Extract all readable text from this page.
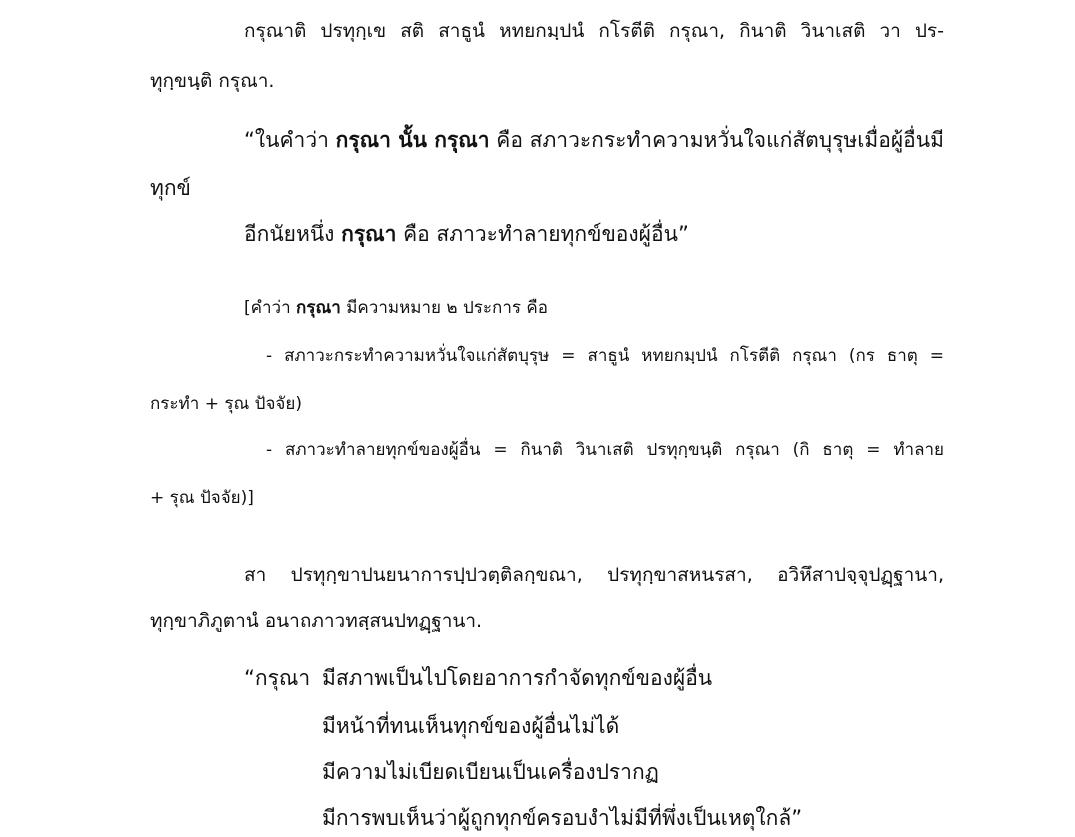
กรุณาติ ปรทุกฺเข สติ สาธูนํ หทยกมฺปนํ กโรตีติ กรุณา, กินาติ วินาเสติ วา ปร-
ทุกฺขนฺติ กรุณา.
“ในคำว่า กรุณา นั้น กรุณา คือ สภาวะกระทำความหวั่นใจแก่สัตบุรุษเมื่อผู้อื่นมี
ทุกข์
อีกนัยหนึ่ง กรุณา คือ สภาวะทำลายทุกข์ของผู้อื่น”
[คำว่า กรุณา มีความหมาย ๒ ประการ คือ
- สภาวะกระทำความหวั่นใจแก่สัตบุรุษ = สาธูนํ หทยกมฺปนํ กโรตีติ กรุณา (กร ธาตุ =
กระทำ + รุณ ปัจจัย)
- สภาวะทำลายทุกข์ของผู้อื่น = กินาติ วินาเสติ ปรทุกฺขนฺติ กรุณา (กิ ธาตุ = ทำลาย
+ รุณ ปัจจัย)]
สา ปรทุกฺขาปนยนาการปฺปวตฺติลกฺขณา, ปรทุกฺขาสหนรสา, อวิหึสาปจฺจุปฏฺฐานา,
ทุกฺขาภิภูตานํ อนาถภาวทสฺสนปทฏฺฐานา.
“กรุณา มีสภาพเป็นไปโดยอาการกำจัดทุกข์ของผู้อื่น
มีหน้าที่ทนเห็นทุกข์ของผู้อื่นไม่ได้
มีความไม่เบียดเบียนเป็นเครื่องปรากฏ
มีการพบเห็นว่าผู้ถูกทุกข์ครอบงำไม่มีที่พึ่งเป็นเหตุใกล้”
